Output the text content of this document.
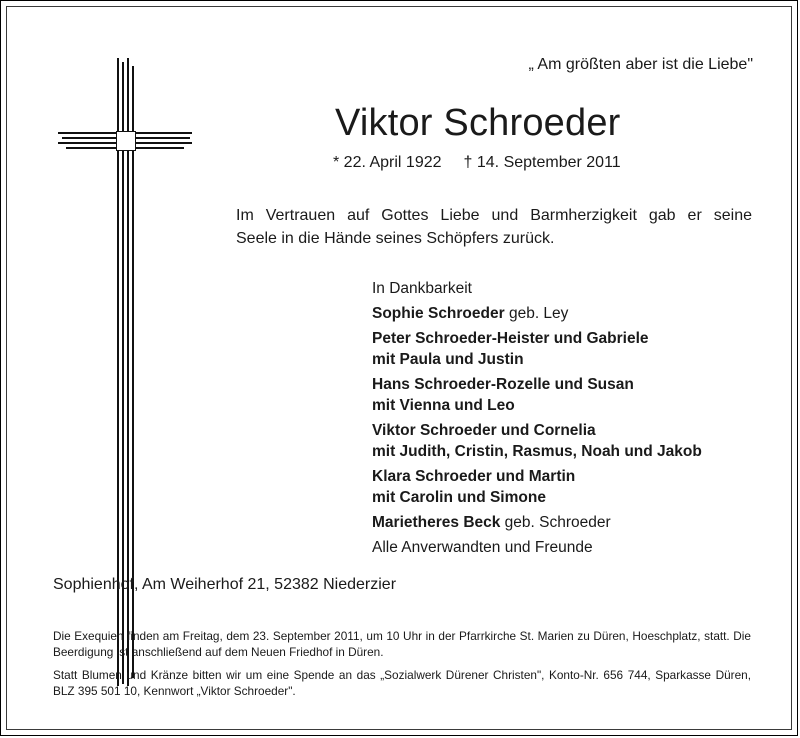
„ Am größten aber ist die Liebe"
Viktor Schroeder
* 22. April 1922 † 14. September 2011
Im Vertrauen auf Gottes Liebe und Barmherzigkeit gab er seine
Seele in die Hände seines Schöpfers zurück.
In Dankbarkeit
Sophie Schroeder geb. Ley
Peter Schroeder-Heister und Gabriele
mit Paula und Justin
Hans Schroeder-Rozelle und Susan
mit Vienna und Leo
Viktor Schroeder und Cornelia
mit Judith, Cristin, Rasmus, Noah und Jakob
Klara Schroeder und Martin
mit Carolin und Simone
Marietheres Beck geb. Schroeder
Alle Anverwandten und Freunde
Sophienhof, Am Weiherhof 21, 52382 Niederzier
Die Exequien finden am Freitag, dem 23. September 2011, um 10 Uhr in der Pfarrkirche St. Marien zu Düren, Hoeschplatz, statt. Die Beerdigung ist anschließend auf dem Neuen Friedhof in Düren.
Statt Blumen und Kränze bitten wir um eine Spende an das „Sozialwerk Dürener Christen", Konto-Nr. 656 744, Sparkasse Düren, BLZ 395 501 10, Kennwort „Viktor Schroeder".
